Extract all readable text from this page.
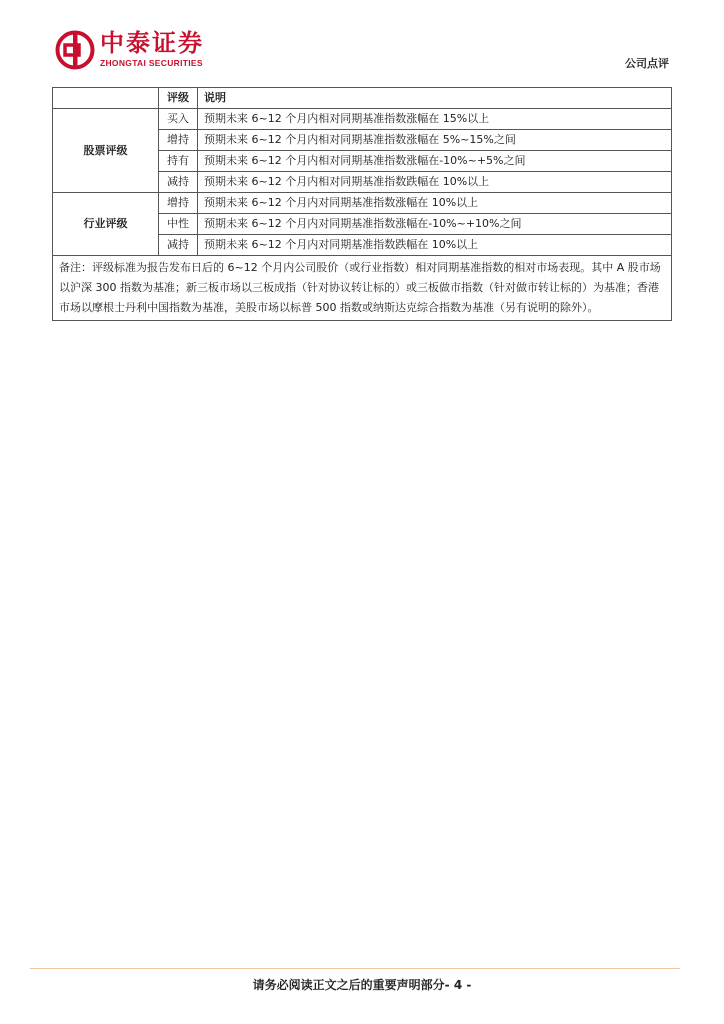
中泰证券
ZHONGTAI SECURITIES	公司点评
	评级	说明
股票评级	买入	预期未来 6~12 个月内相对同期基准指数涨幅在 15%以上
	增持	预期未来 6~12 个月内相对同期基准指数涨幅在 5%~15%之间
	持有	预期未来 6~12 个月内相对同期基准指数涨幅在-10%~+5%之间
	减持	预期未来 6~12 个月内相对同期基准指数跌幅在 10%以上
行业评级	增持	预期未来 6~12 个月内对同期基准指数涨幅在 10%以上
	中性	预期未来 6~12 个月内对同期基准指数涨幅在-10%~+10%之间
	减持	预期未来 6~12 个月内对同期基准指数跌幅在 10%以上
备注：评级标准为报告发布日后的 6~12 个月内公司股价（或行业指数）相对同期基准指数的相对市场表现。其中 A 股市场以沪深 300 指数为基准；新三板市场以三板成指（针对协议转让标的）或三板做市指数（针对做市转让标的）为基准；香港市场以摩根士丹利中国指数为基准，美股市场以标普 500 指数或纳斯达克综合指数为基准（另有说明的除外）。		
请务必阅读正文之后的重要声明部分- 4 -
